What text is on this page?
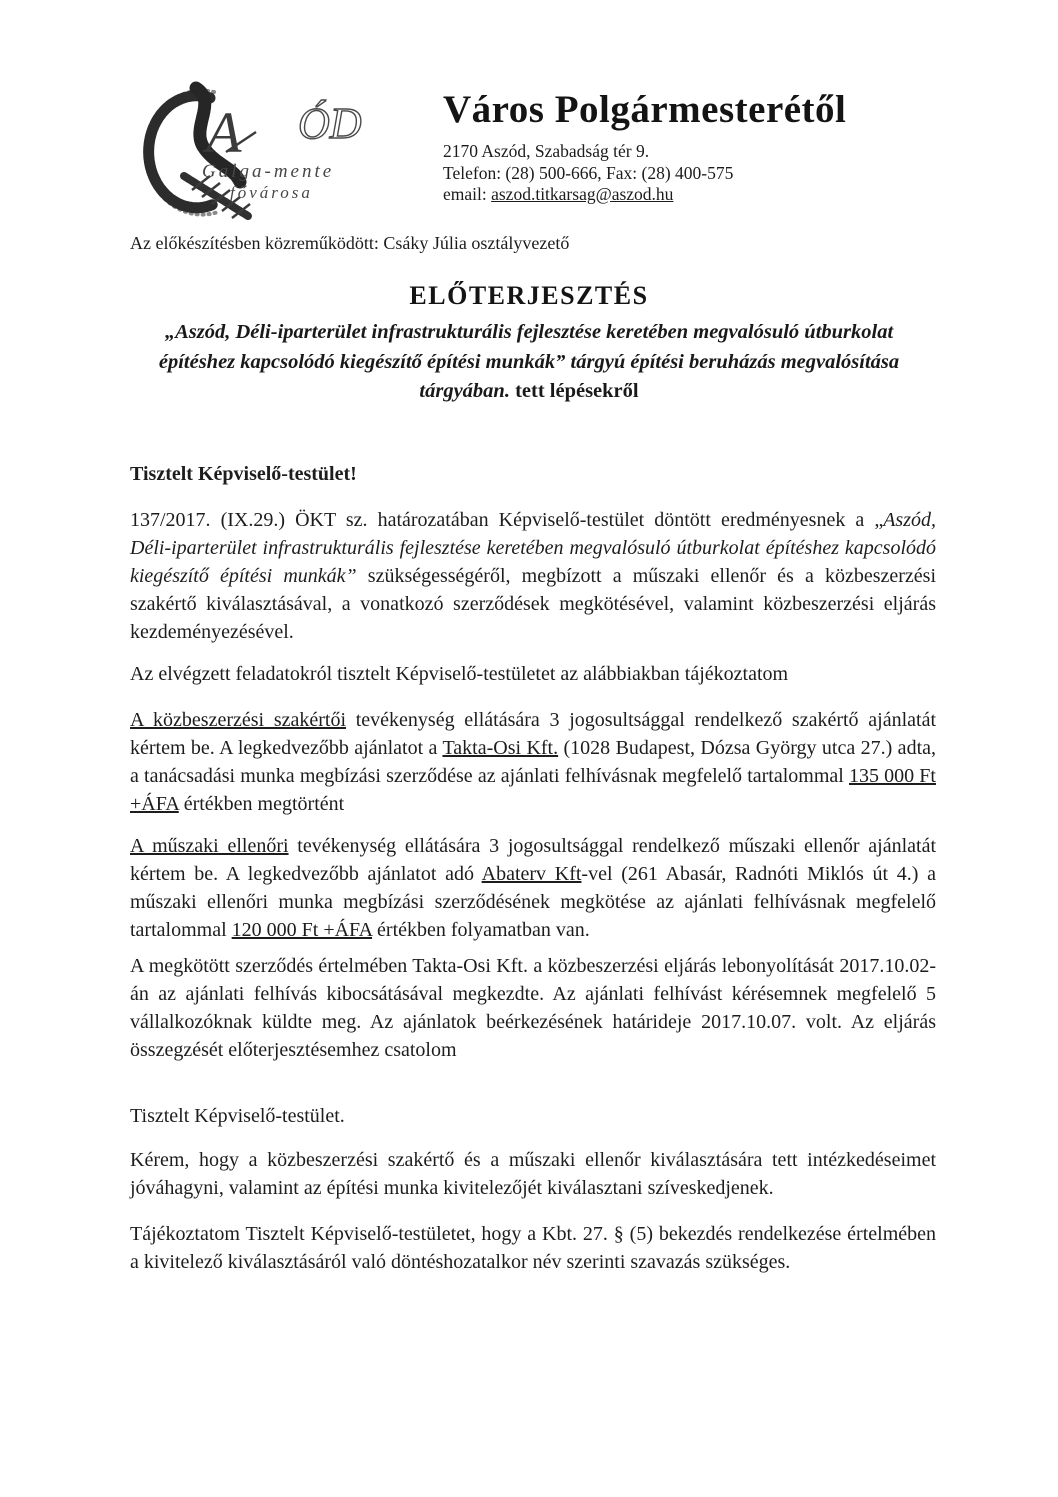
A ÓD
Galga-mente
fővárosa
Város Polgármesterétől
2170 Aszód, Szabadság tér 9.
Telefon: (28) 500-666, Fax: (28) 400-575
email: aszod.titkarsag@aszod.hu
Az előkészítésben közreműködött: Csáky Júlia osztályvezető
ELŐTERJESZTÉS
„Aszód, Déli-iparterület infrastrukturális fejlesztése keretében megvalósuló útburkolat
építéshez kapcsolódó kiegészítő építési munkák” tárgyú építési beruházás megvalósítása
tárgyában. tett lépésekről

Tisztelt Képviselő-testület!

137/2017. (IX.29.) ÖKT sz. határozatában Képviselő-testület döntött eredményesnek a „Aszód, Déli-iparterület infrastrukturális fejlesztése keretében megvalósuló útburkolat építéshez kapcsolódó kiegészítő építési munkák” szükségességéről, megbízott a műszaki ellenőr és a közbeszerzési szakértő kiválasztásával, a vonatkozó szerződések megkötésével, valamint közbeszerzési eljárás kezdeményezésével.

Az elvégzett feladatokról tisztelt Képviselő-testületet az alábbiakban tájékoztatom

A közbeszerzési szakértői tevékenység ellátására 3 jogosultsággal rendelkező szakértő ajánlatát kértem be. A legkedvezőbb ajánlatot a Takta-Osi Kft. (1028 Budapest, Dózsa György utca 27.) adta, a tanácsadási munka megbízási szerződése az ajánlati felhívásnak megfelelő tartalommal 135 000 Ft +ÁFA értékben megtörtént

A műszaki ellenőri tevékenység ellátására 3 jogosultsággal rendelkező műszaki ellenőr ajánlatát kértem be. A legkedvezőbb ajánlatot adó Abaterv Kft-vel (261 Abasár, Radnóti Miklós út 4.) a műszaki ellenőri munka megbízási szerződésének megkötése az ajánlati felhívásnak megfelelő tartalommal 120 000 Ft +ÁFA értékben folyamatban van.

A megkötött szerződés értelmében Takta-Osi Kft. a közbeszerzési eljárás lebonyolítását 2017.10.02-án az ajánlati felhívás kibocsátásával megkezdte. Az ajánlati felhívást kérésemnek megfelelő 5 vállalkozóknak küldte meg. Az ajánlatok beérkezésének határideje 2017.10.07. volt. Az eljárás összegzését előterjesztésemhez csatolom

Tisztelt Képviselő-testület.

Kérem, hogy a közbeszerzési szakértő és a műszaki ellenőr kiválasztására tett intézkedéseimet jóváhagyni, valamint az építési munka kivitelezőjét kiválasztani szíveskedjenek.

Tájékoztatom Tisztelt Képviselő-testületet, hogy a Kbt. 27. § (5) bekezdés rendelkezése értelmében a kivitelező kiválasztásáról való döntéshozatalkor név szerinti szavazás szükséges.
